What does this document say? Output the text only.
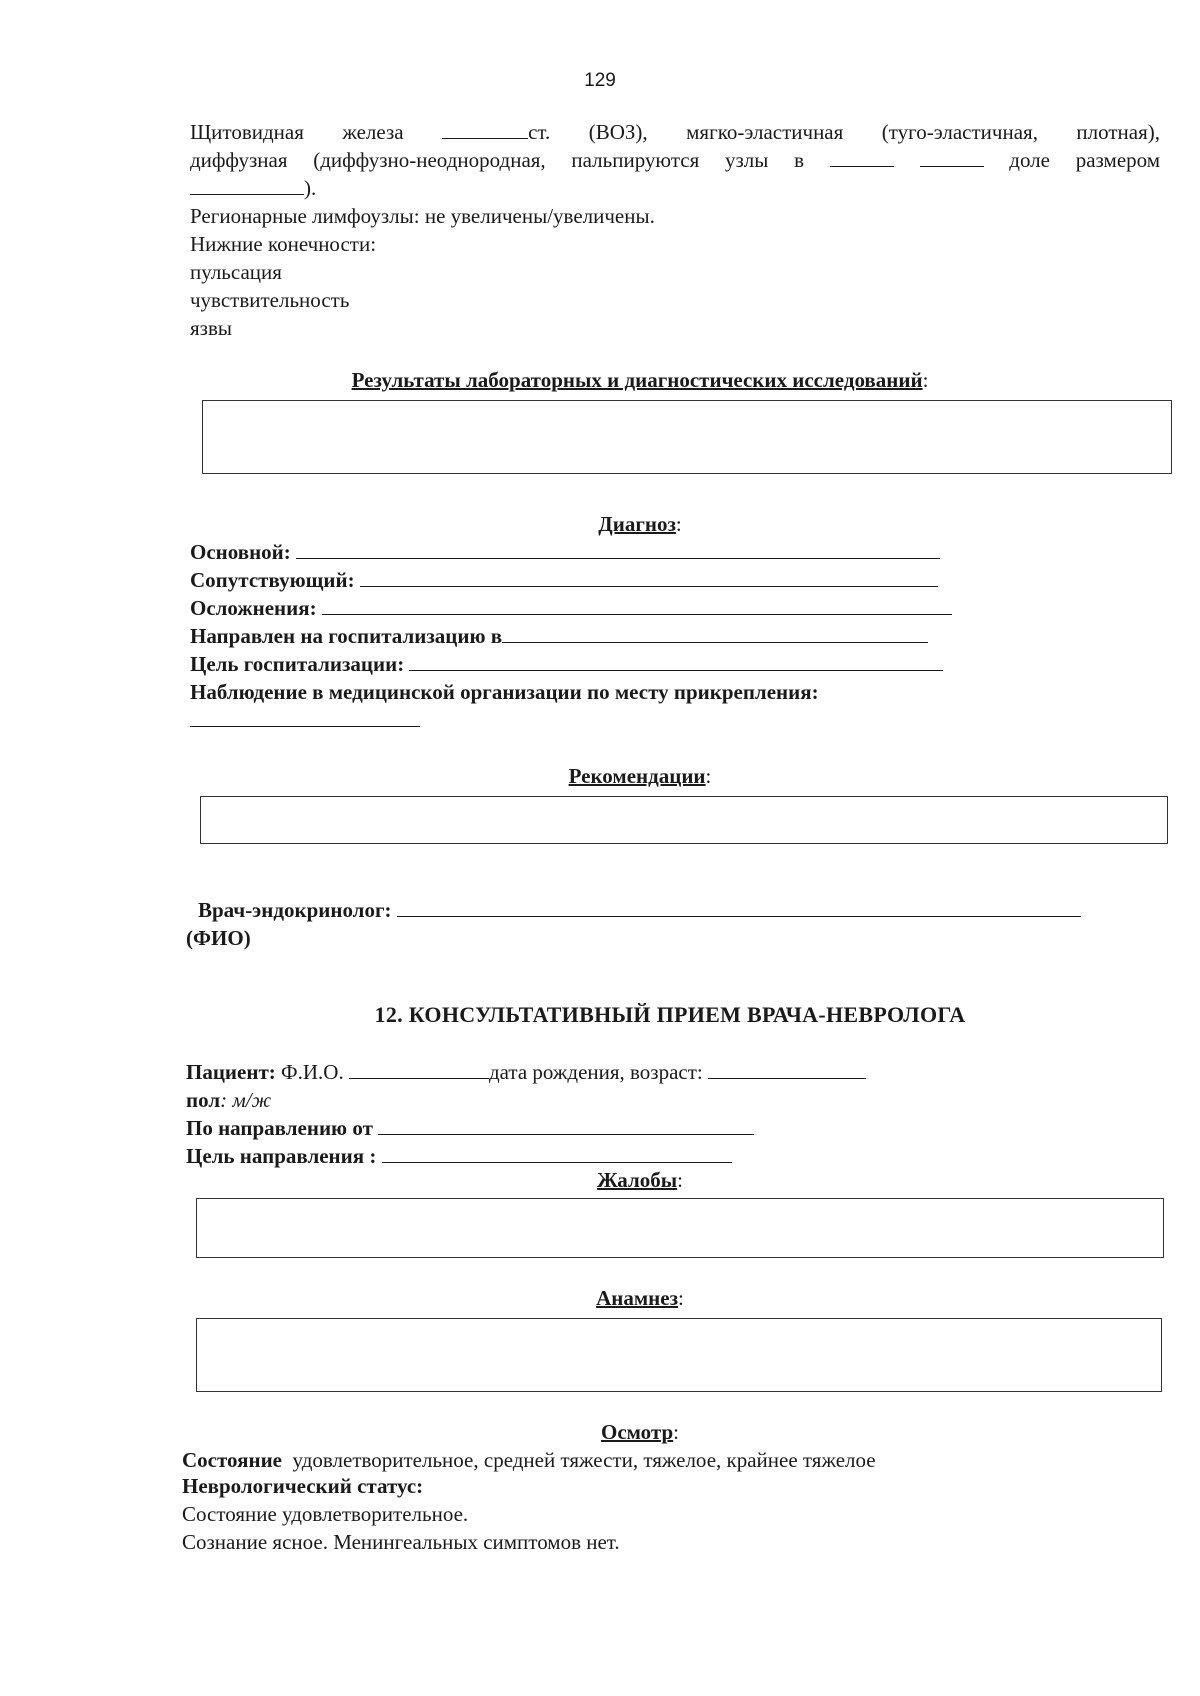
129
Щитовидная железа	ст. (ВОЗ), мягко-эластичная (туго-эластичная, плотная),
диффузная (диффузно-неоднородная, пальпируются узлы в	доле размером
).
Регионарные лимфоузлы: не увеличены/увеличены.
Нижние конечности:
пульсация
чувствительность
язвы
Результаты лабораторных и диагностических исследований:
Диагноз:
Основной:
Сопутствующий:
Осложнения:
Направлен на госпитализацию в
Цель госпитализации:
Наблюдение в медицинской организации по месту прикрепления:
Рекомендации:
Врач-эндокринолог:
(ФИО)
12. КОНСУЛЬТАТИВНЫЙ ПРИЕМ ВРАЧА-НЕВРОЛОГА
Пациент: Ф.И.О.	дата рождения, возраст:
пол: м/ж
По направлению от
Цель направления :
Жалобы:
Анамнез:
Осмотр:
Состояние удовлетворительное, средней тяжести, тяжелое, крайнее тяжелое
Неврологический статус:
Состояние удовлетворительное.
Сознание ясное. Менингеальных симптомов нет.
